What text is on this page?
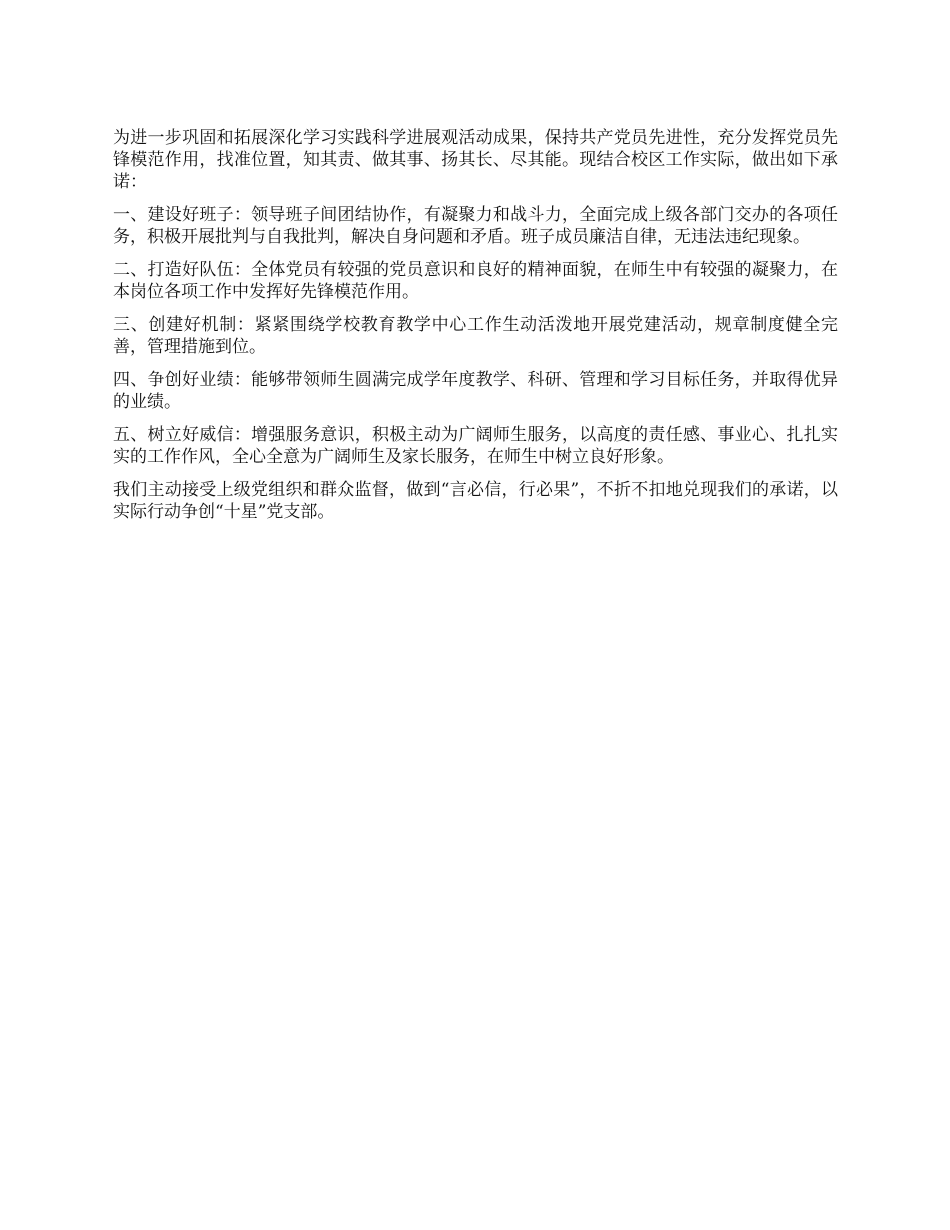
为进一步巩固和拓展深化学习实践科学进展观活动成果，保持共产党员先进性，充分发挥党员先锋模范作用，找准位置，知其责、做其事、扬其长、尽其能。现结合校区工作实际，做出如下承诺：

一、建设好班子：领导班子间团结协作，有凝聚力和战斗力，全面完成上级各部门交办的各项任务，积极开展批判与自我批判，解决自身问题和矛盾。班子成员廉洁自律，无违法违纪现象。

二、打造好队伍：全体党员有较强的党员意识和良好的精神面貌，在师生中有较强的凝聚力，在本岗位各项工作中发挥好先锋模范作用。

三、创建好机制：紧紧围绕学校教育教学中心工作生动活泼地开展党建活动，规章制度健全完善，管理措施到位。

四、争创好业绩：能够带领师生圆满完成学年度教学、科研、管理和学习目标任务，并取得优异的业绩。

五、树立好威信：增强服务意识，积极主动为广阔师生服务，以高度的责任感、事业心、扎扎实实的工作作风，全心全意为广阔师生及家长服务，在师生中树立良好形象。

我们主动接受上级党组织和群众监督，做到“言必信，行必果”，不折不扣地兑现我们的承诺，以实际行动争创“十星”党支部。
